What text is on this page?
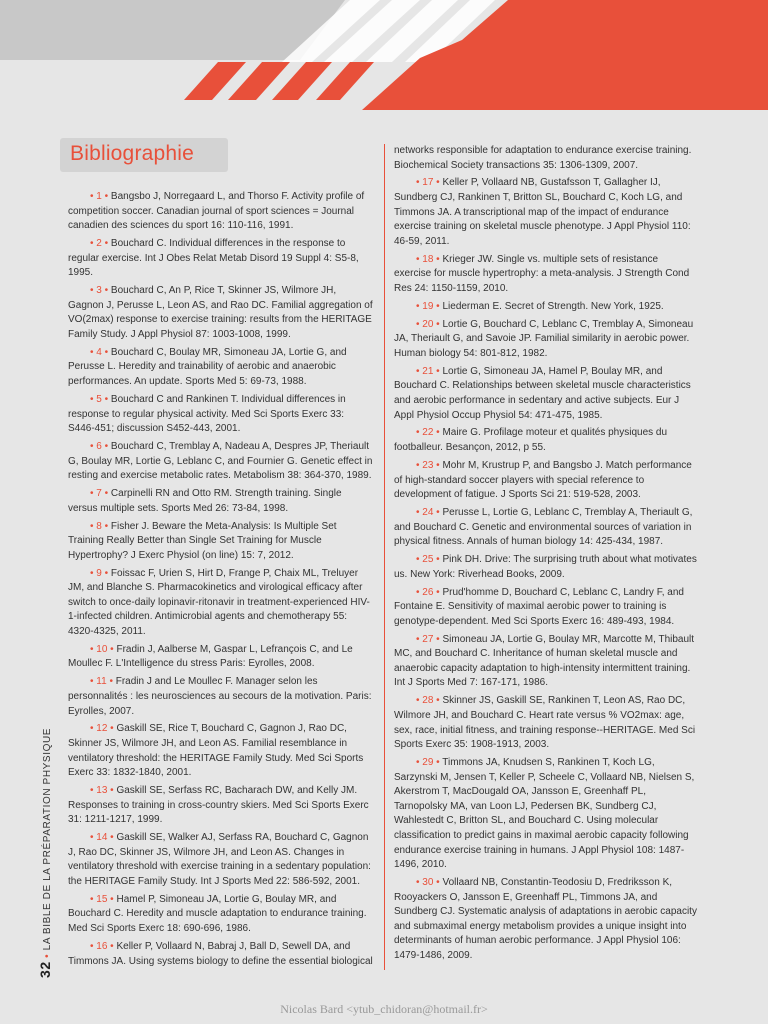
Bibliographie

• 1 • Bangsbo J, Norregaard L, and Thorso F. Activity profile of competition soccer. Canadian journal of sport sciences = Journal canadien des sciences du sport 16: 110-116, 1991.

• 2 • Bouchard C. Individual differences in the response to regular exercise. Int J Obes Relat Metab Disord 19 Suppl 4: S5-8, 1995.

• 3 • Bouchard C, An P, Rice T, Skinner JS, Wilmore JH, Gagnon J, Perusse L, Leon AS, and Rao DC. Familial aggregation of VO(2max) response to exercise training: results from the HERITAGE Family Study. J Appl Physiol 87: 1003-1008, 1999.

• 4 • Bouchard C, Boulay MR, Simoneau JA, Lortie G, and Perusse L. Heredity and trainability of aerobic and anaerobic performances. An update. Sports Med 5: 69-73, 1988.

• 5 • Bouchard C and Rankinen T. Individual differences in response to regular physical activity. Med Sci Sports Exerc 33: S446-451; discussion S452-443, 2001.

• 6 • Bouchard C, Tremblay A, Nadeau A, Despres JP, Theriault G, Boulay MR, Lortie G, Leblanc C, and Fournier G. Genetic effect in resting and exercise metabolic rates. Metabolism 38: 364-370, 1989.

• 7 • Carpinelli RN and Otto RM. Strength training. Single versus multiple sets. Sports Med 26: 73-84, 1998.

• 8 • Fisher J. Beware the Meta-Analysis: Is Multiple Set Training Really Better than Single Set Training for Muscle Hypertrophy? J Exerc Physiol (on line) 15: 7, 2012.

• 9 • Foissac F, Urien S, Hirt D, Frange P, Chaix ML, Treluyer JM, and Blanche S. Pharmacokinetics and virological efficacy after switch to once-daily lopinavir-ritonavir in treatment-experienced HIV-1-infected children. Antimicrobial agents and chemotherapy 55: 4320-4325, 2011.

• 10 • Fradin J, Aalberse M, Gaspar L, Lefrançois C, and Le Moullec F. L'Intelligence du stress Paris: Eyrolles, 2008.

• 11 • Fradin J and Le Moullec F. Manager selon les personnalités : les neurosciences au secours de la motivation. Paris: Eyrolles, 2007.

• 12 • Gaskill SE, Rice T, Bouchard C, Gagnon J, Rao DC, Skinner JS, Wilmore JH, and Leon AS. Familial resemblance in ventilatory threshold: the HERITAGE Family Study. Med Sci Sports Exerc 33: 1832-1840, 2001.

• 13 • Gaskill SE, Serfass RC, Bacharach DW, and Kelly JM. Responses to training in cross-country skiers. Med Sci Sports Exerc 31: 1211-1217, 1999.

• 14 • Gaskill SE, Walker AJ, Serfass RA, Bouchard C, Gagnon J, Rao DC, Skinner JS, Wilmore JH, and Leon AS. Changes in ventilatory threshold with exercise training in a sedentary population: the HERITAGE Family Study. Int J Sports Med 22: 586-592, 2001.

• 15 • Hamel P, Simoneau JA, Lortie G, Boulay MR, and Bouchard C. Heredity and muscle adaptation to endurance training. Med Sci Sports Exerc 18: 690-696, 1986.

• 16 • Keller P, Vollaard N, Babraj J, Ball D, Sewell DA, and Timmons JA. Using systems biology to define the essential biological

networks responsible for adaptation to endurance exercise training. Biochemical Society transactions 35: 1306-1309, 2007.

• 17 • Keller P, Vollaard NB, Gustafsson T, Gallagher IJ, Sundberg CJ, Rankinen T, Britton SL, Bouchard C, Koch LG, and Timmons JA. A transcriptional map of the impact of endurance exercise training on skeletal muscle phenotype. J Appl Physiol 110: 46-59, 2011.

• 18 • Krieger JW. Single vs. multiple sets of resistance exercise for muscle hypertrophy: a meta-analysis. J Strength Cond Res 24: 1150-1159, 2010.

• 19 • Liederman E. Secret of Strength. New York, 1925.

• 20 • Lortie G, Bouchard C, Leblanc C, Tremblay A, Simoneau JA, Theriault G, and Savoie JP. Familial similarity in aerobic power. Human biology 54: 801-812, 1982.

• 21 • Lortie G, Simoneau JA, Hamel P, Boulay MR, and Bouchard C. Relationships between skeletal muscle characteristics and aerobic performance in sedentary and active subjects. Eur J Appl Physiol Occup Physiol 54: 471-475, 1985.

• 22 • Maire G. Profilage moteur et qualités physiques du footballeur. Besançon, 2012, p 55.

• 23 • Mohr M, Krustrup P, and Bangsbo J. Match performance of high-standard soccer players with special reference to development of fatigue. J Sports Sci 21: 519-528, 2003.

• 24 • Perusse L, Lortie G, Leblanc C, Tremblay A, Theriault G, and Bouchard C. Genetic and environmental sources of variation in physical fitness. Annals of human biology 14: 425-434, 1987.

• 25 • Pink DH. Drive: The surprising truth about what motivates us. New York: Riverhead Books, 2009.

• 26 • Prud'homme D, Bouchard C, Leblanc C, Landry F, and Fontaine E. Sensitivity of maximal aerobic power to training is genotype-dependent. Med Sci Sports Exerc 16: 489-493, 1984.

• 27 • Simoneau JA, Lortie G, Boulay MR, Marcotte M, Thibault MC, and Bouchard C. Inheritance of human skeletal muscle and anaerobic capacity adaptation to high-intensity intermittent training. Int J Sports Med 7: 167-171, 1986.

• 28 • Skinner JS, Gaskill SE, Rankinen T, Leon AS, Rao DC, Wilmore JH, and Bouchard C. Heart rate versus % VO2max: age, sex, race, initial fitness, and training response--HERITAGE. Med Sci Sports Exerc 35: 1908-1913, 2003.

• 29 • Timmons JA, Knudsen S, Rankinen T, Koch LG, Sarzynski M, Jensen T, Keller P, Scheele C, Vollaard NB, Nielsen S, Akerstrom T, MacDougald OA, Jansson E, Greenhaff PL, Tarnopolsky MA, van Loon LJ, Pedersen BK, Sundberg CJ, Wahlestedt C, Britton SL, and Bouchard C. Using molecular classification to predict gains in maximal aerobic capacity following endurance exercise training in humans. J Appl Physiol 108: 1487-1496, 2010.

• 30 • Vollaard NB, Constantin-Teodosiu D, Fredriksson K, Rooyackers O, Jansson E, Greenhaff PL, Timmons JA, and Sundberg CJ. Systematic analysis of adaptations in aerobic capacity and submaximal energy metabolism provides a unique insight into determinants of human aerobic performance. J Appl Physiol 106: 1479-1486, 2009.

32 • LA BIBLE DE LA PRÉPARATION PHYSIQUE
Nicolas Bard <ytub_chidoran@hotmail.fr>
